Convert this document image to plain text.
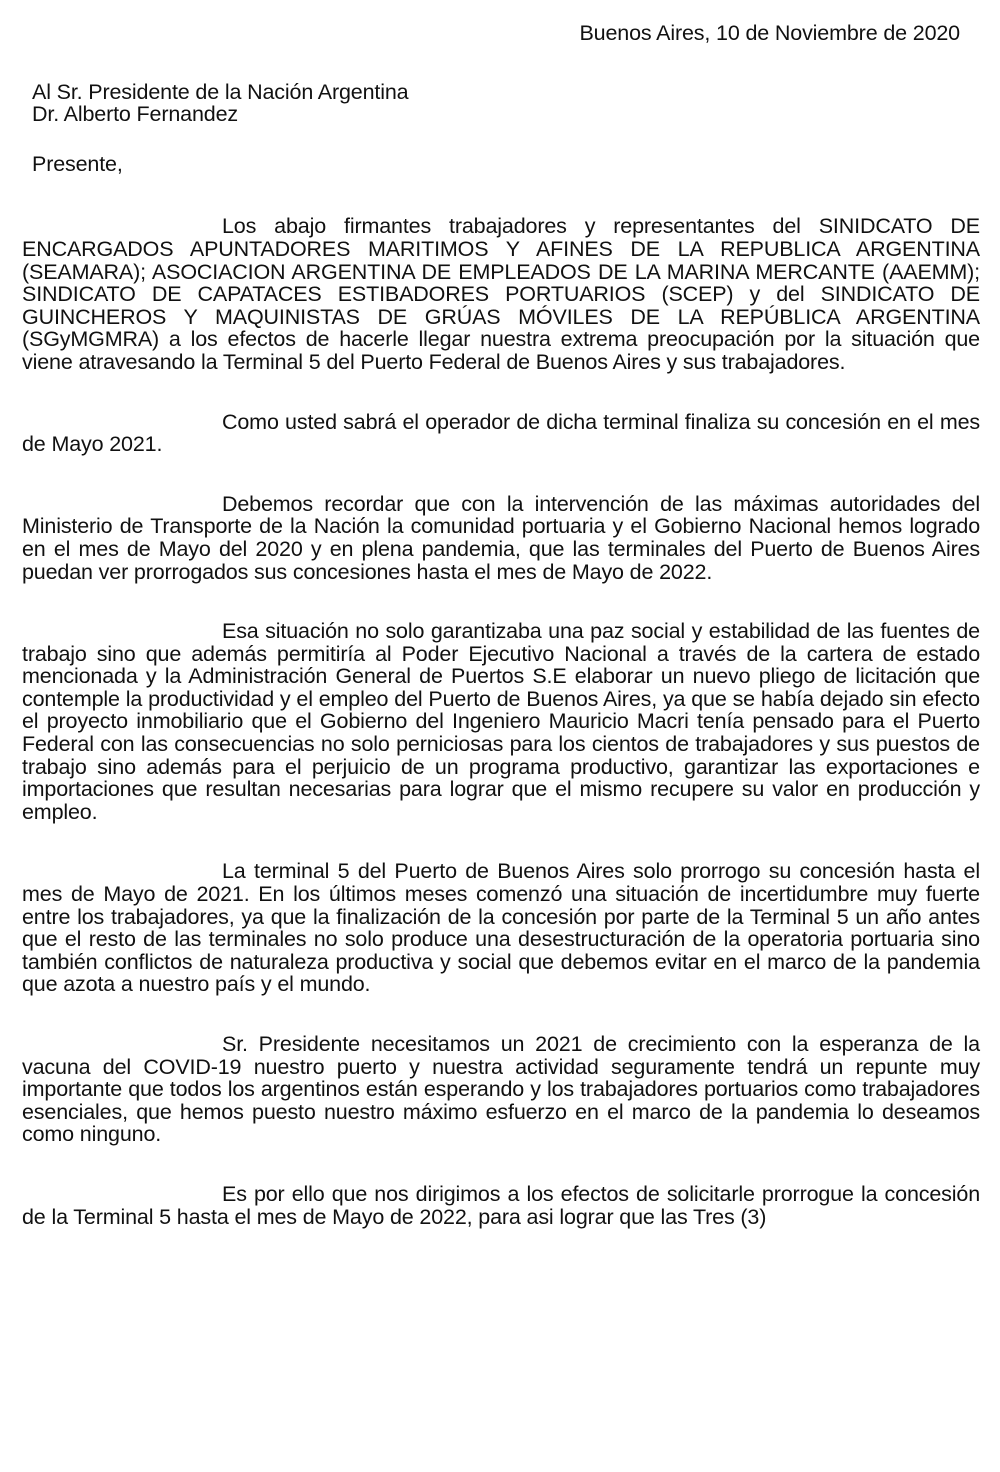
Buenos Aires, 10 de Noviembre de 2020
Al Sr. Presidente de la Nación Argentina
Dr. Alberto Fernandez
Presente,

Los abajo firmantes trabajadores y representantes del SINIDCATO DE ENCARGADOS APUNTADORES MARITIMOS Y AFINES DE LA REPUBLICA ARGENTINA (SEAMARA); ASOCIACION ARGENTINA DE EMPLEADOS DE LA MARINA MERCANTE (AAEMM); SINDICATO DE CAPATACES ESTIBADORES PORTUARIOS (SCEP) y del SINDICATO DE GUINCHEROS Y MAQUINISTAS DE GRÚAS MÓVILES DE LA REPÚBLICA ARGENTINA (SGyMGMRA) a los efectos de hacerle llegar nuestra extrema preocupación por la situación que viene atravesando la Terminal 5 del Puerto Federal de Buenos Aires y sus trabajadores.

Como usted sabrá el operador de dicha terminal finaliza su concesión en el mes de Mayo 2021.

Debemos recordar que con la intervención de las máximas autoridades del Ministerio de Transporte de la Nación la comunidad portuaria y el Gobierno Nacional hemos logrado en el mes de Mayo del 2020 y en plena pandemia, que las terminales del Puerto de Buenos Aires puedan ver prorrogados sus concesiones hasta el mes de Mayo de 2022.

Esa situación no solo garantizaba una paz social y estabilidad de las fuentes de trabajo sino que además permitiría al Poder Ejecutivo Nacional a través de la cartera de estado mencionada y la Administración General de Puertos S.E elaborar un nuevo pliego de licitación que contemple la productividad y el empleo del Puerto de Buenos Aires, ya que se había dejado sin efecto el proyecto inmobiliario que el Gobierno del Ingeniero Mauricio Macri tenía pensado para el Puerto Federal con las consecuencias no solo perniciosas para los cientos de trabajadores y sus puestos de trabajo sino además para el perjuicio de un programa productivo, garantizar las exportaciones e importaciones que resultan necesarias para lograr que el mismo recupere su valor en producción y empleo.

La terminal 5 del Puerto de Buenos Aires solo prorrogo su concesión hasta el mes de Mayo de 2021. En los últimos meses comenzó una situación de incertidumbre muy fuerte entre los trabajadores, ya que la finalización de la concesión por parte de la Terminal 5 un año antes que el resto de las terminales no solo produce una desestructuración de la operatoria portuaria sino también conflictos de naturaleza productiva y social que debemos evitar en el marco de la pandemia que azota a nuestro país y el mundo.

Sr. Presidente necesitamos un 2021 de crecimiento con la esperanza de la vacuna del COVID-19 nuestro puerto y nuestra actividad seguramente tendrá un repunte muy importante que todos los argentinos están esperando y los trabajadores portuarios como trabajadores esenciales, que hemos puesto nuestro máximo esfuerzo en el marco de la pandemia lo deseamos como ninguno.

Es por ello que nos dirigimos a los efectos de solicitarle prorrogue la concesión de la Terminal 5 hasta el mes de Mayo de 2022, para asi lograr que las Tres (3)
